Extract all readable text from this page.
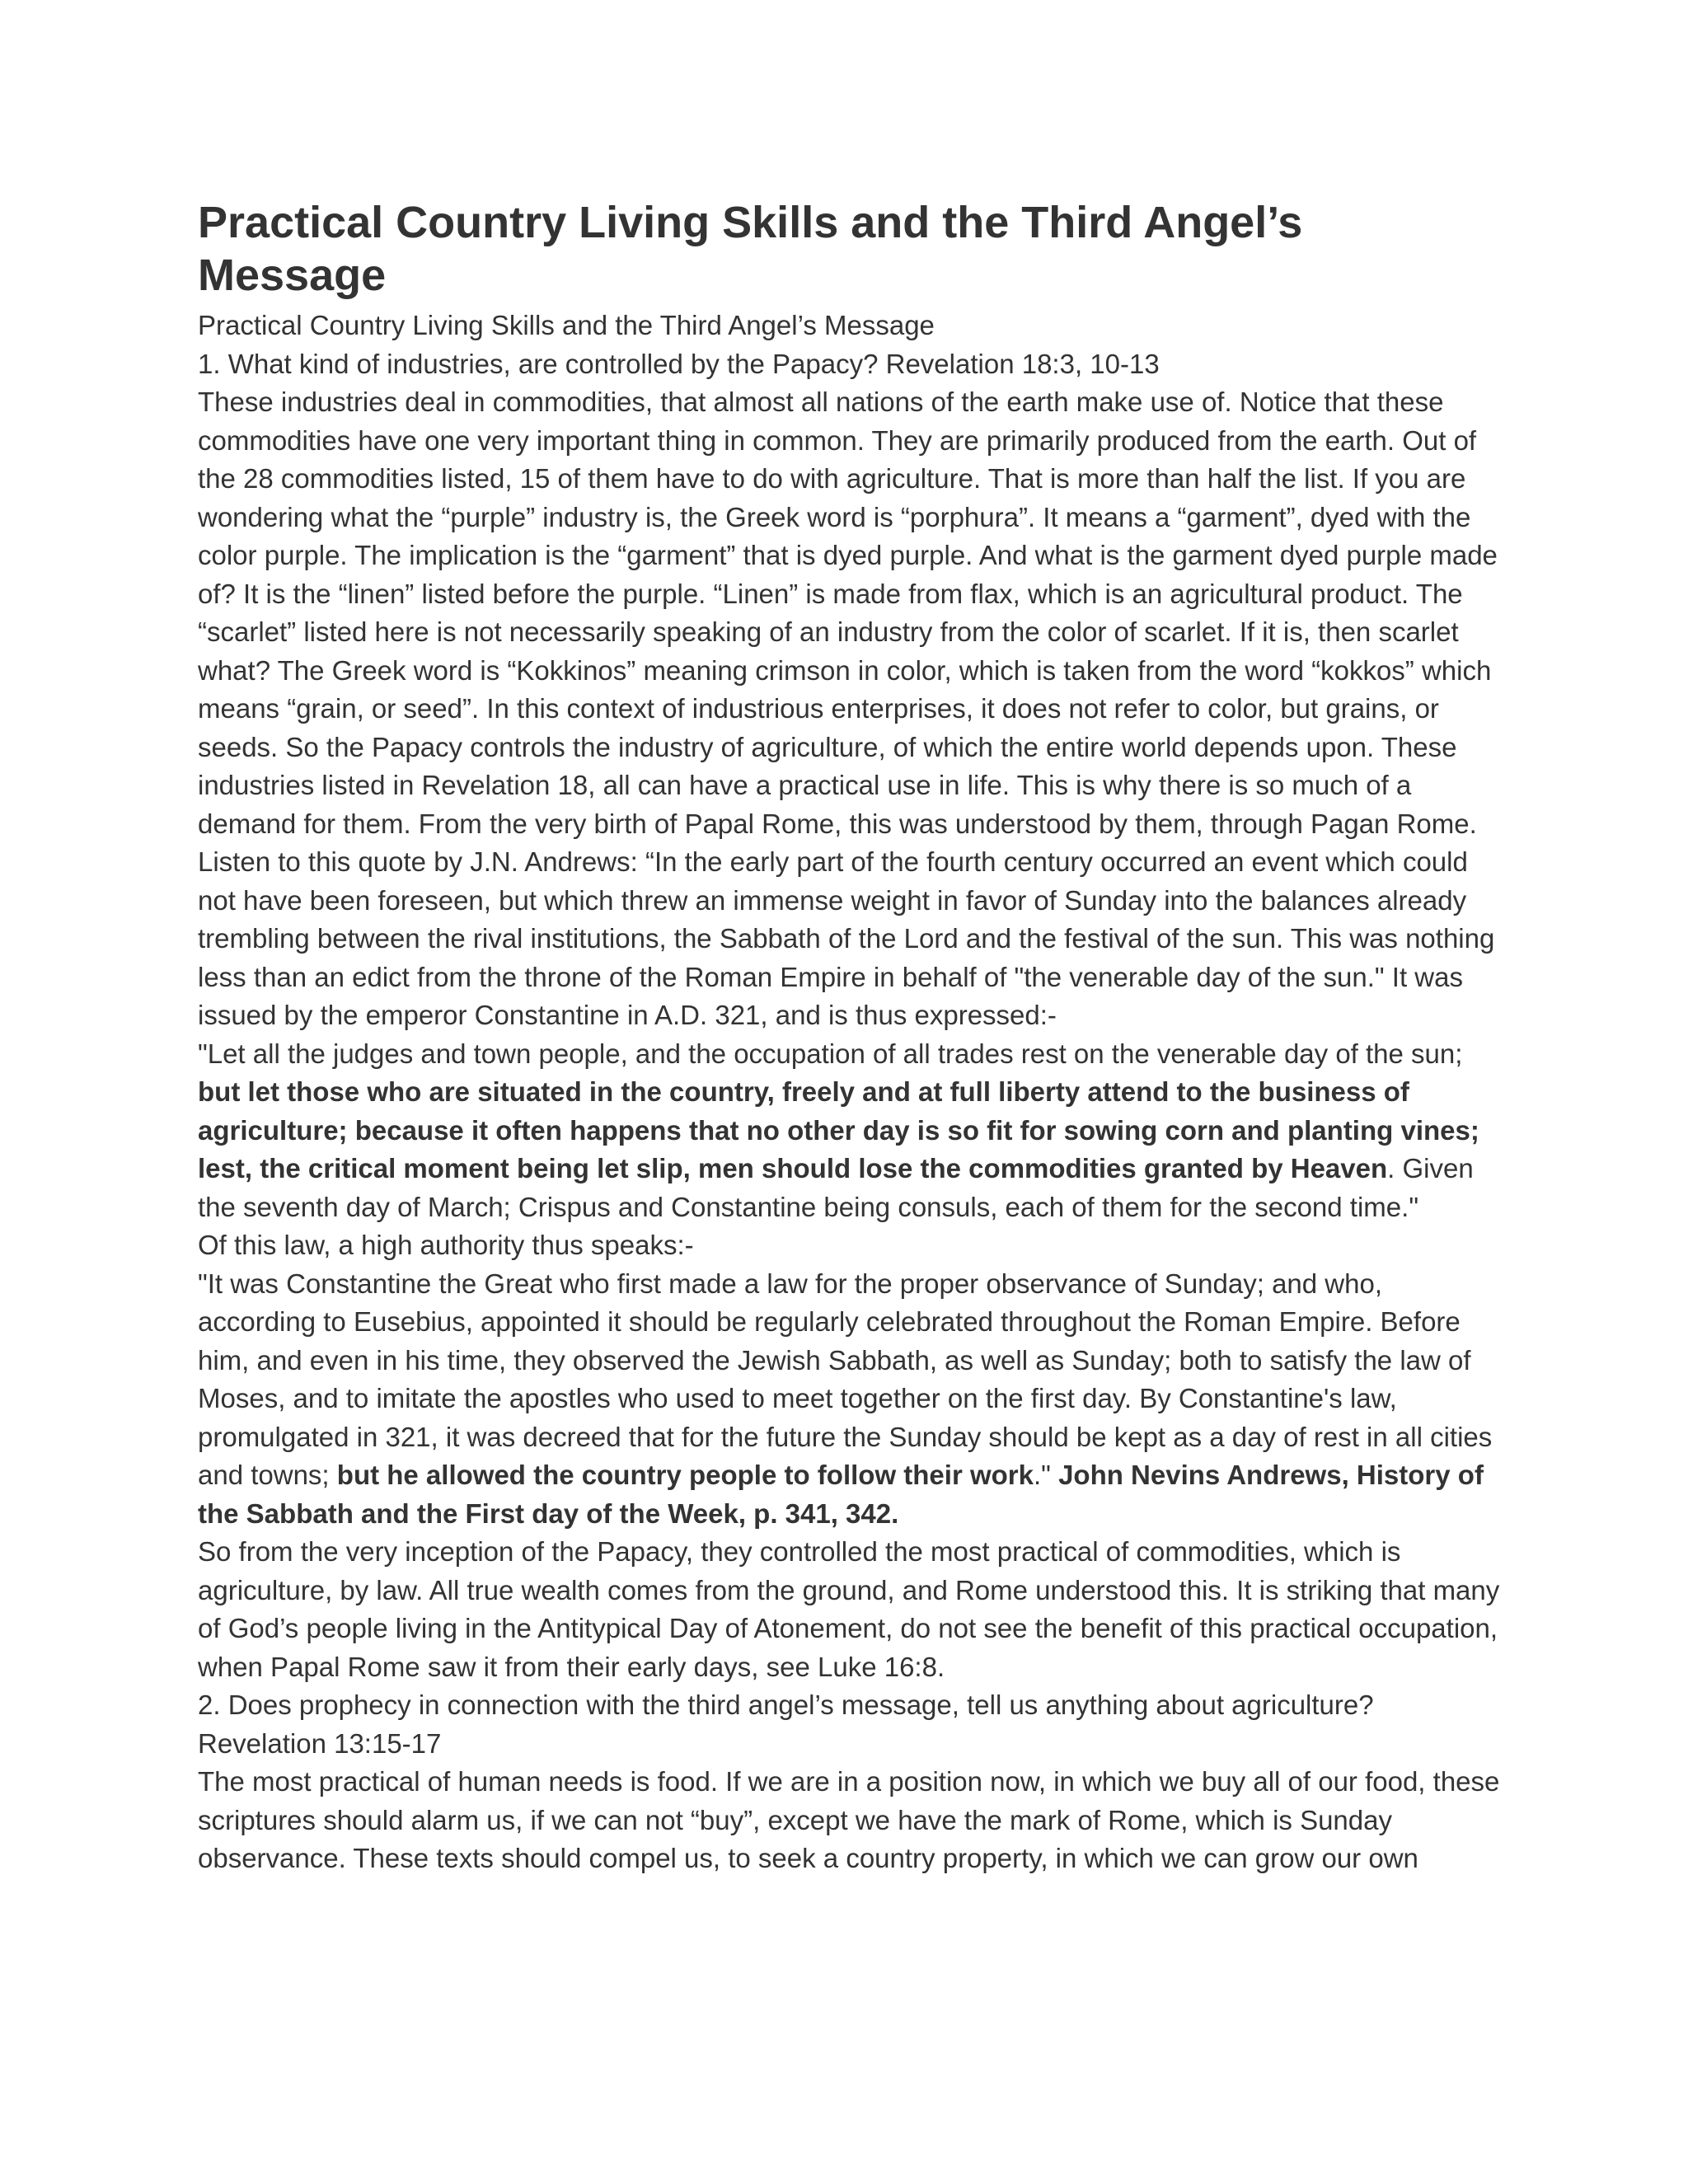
Practical Country Living Skills and the Third Angel’s Message

Practical Country Living Skills and the Third Angel’s Message

1. What kind of industries, are controlled by the Papacy? Revelation 18:3, 10-13

These industries deal in commodities, that almost all nations of the earth make use of. Notice that these commodities have one very important thing in common. They are primarily produced from the earth. Out of the 28 commodities listed, 15 of them have to do with agriculture. That is more than half the list. If you are wondering what the “purple” industry is, the Greek word is “porphura”. It means a “garment”, dyed with the color purple. The implication is the “garment” that is dyed purple. And what is the garment dyed purple made of? It is the “linen” listed before the purple. “Linen” is made from flax, which is an agricultural product. The “scarlet” listed here is not necessarily speaking of an industry from the color of scarlet. If it is, then scarlet what? The Greek word is “Kokkinos” meaning crimson in color, which is taken from the word “kokkos” which means “grain, or seed”. In this context of industrious enterprises, it does not refer to color, but grains, or seeds. So the Papacy controls the industry of agriculture, of which the entire world depends upon. These industries listed in Revelation 18, all can have a practical use in life. This is why there is so much of a demand for them. From the very birth of Papal Rome, this was understood by them, through Pagan Rome. Listen to this quote by J.N. Andrews: “In the early part of the fourth century occurred an event which could not have been foreseen, but which threw an immense weight in favor of Sunday into the balances already trembling between the rival institutions, the Sabbath of the Lord and the festival of the sun. This was nothing less than an edict from the throne of the Roman Empire in behalf of "the venerable day of the sun." It was issued by the emperor Constantine in A.D. 321, and is thus expressed:-

"Let all the judges and town people, and the occupation of all trades rest on the venerable day of the sun; but let those who are situated in the country, freely and at full liberty attend to the business of agriculture; because it often happens that no other day is so fit for sowing corn and planting vines; lest, the critical moment being let slip, men should lose the commodities granted by Heaven. Given the seventh day of March; Crispus and Constantine being consuls, each of them for the second time."

Of this law, a high authority thus speaks:-

"It was Constantine the Great who first made a law for the proper observance of Sunday; and who, according to Eusebius, appointed it should be regularly celebrated throughout the Roman Empire. Before him, and even in his time, they observed the Jewish Sabbath, as well as Sunday; both to satisfy the law of Moses, and to imitate the apostles who used to meet together on the first day. By Constantine's law, promulgated in 321, it was decreed that for the future the Sunday should be kept as a day of rest in all cities and towns; but he allowed the country people to follow their work." John Nevins Andrews, History of the Sabbath and the First day of the Week, p. 341, 342.

So from the very inception of the Papacy, they controlled the most practical of commodities, which is agriculture, by law. All true wealth comes from the ground, and Rome understood this. It is striking that many of God’s people living in the Antitypical Day of Atonement, do not see the benefit of this practical occupation, when Papal Rome saw it from their early days, see Luke 16:8.

2. Does prophecy in connection with the third angel’s message, tell us anything about agriculture? Revelation 13:15-17

The most practical of human needs is food. If we are in a position now, in which we buy all of our food, these scriptures should alarm us, if we can not “buy”, except we have the mark of Rome, which is Sunday observance. These texts should compel us, to seek a country property, in which we can grow our own
